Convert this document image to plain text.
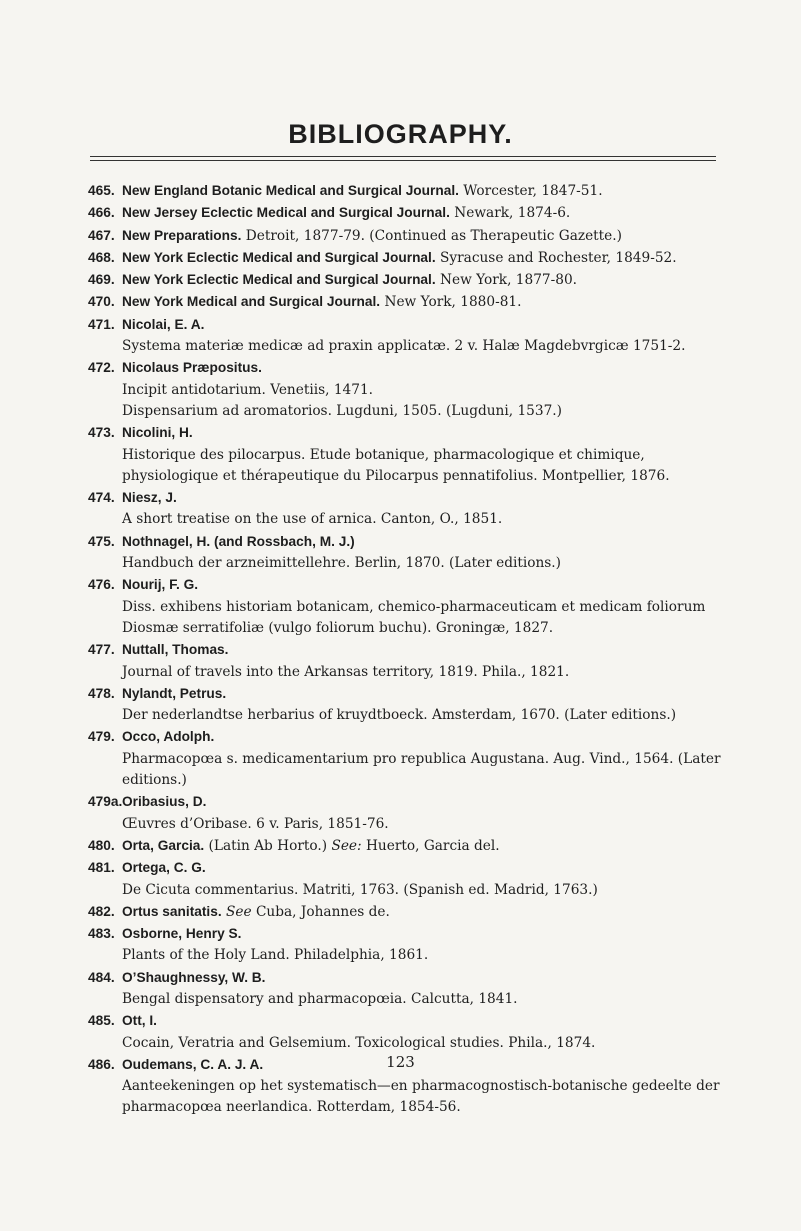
BIBLIOGRAPHY.
465. New England Botanic Medical and Surgical Journal. Worcester, 1847-51.
466. New Jersey Eclectic Medical and Surgical Journal. Newark, 1874-6.
467. New Preparations. Detroit, 1877-79. (Continued as Therapeutic Gazette.)
468. New York Eclectic Medical and Surgical Journal. Syracuse and Rochester, 1849-52.
469. New York Eclectic Medical and Surgical Journal. New York, 1877-80.
470. New York Medical and Surgical Journal. New York, 1880-81.
471. Nicolai, E. A.
Systema materiæ medicæ ad praxin applicatæ. 2 v. Halæ Magdebvrgicæ 1751-2.
472. Nicolaus Præpositus.
Incipit antidotarium. Venetiis, 1471.
Dispensarium ad aromatorios. Lugduni, 1505. (Lugduni, 1537.)
473. Nicolini, H.
Historique des pilocarpus. Etude botanique, pharmacologique et chimique, physiologique et thérapeutique du Pilocarpus pennatifolius. Montpellier, 1876.
474. Niesz, J.
A short treatise on the use of arnica. Canton, O., 1851.
475. Nothnagel, H. (and Rossbach, M. J.)
Handbuch der arzneimittellehre. Berlin, 1870. (Later editions.)
476. Nourij, F. G.
Diss. exhibens historiam botanicam, chemico-pharmaceuticam et medicam foliorum Diosmæ serratifoliæ (vulgo foliorum buchu). Groningæ, 1827.
477. Nuttall, Thomas.
Journal of travels into the Arkansas territory, 1819. Phila., 1821.
478. Nylandt, Petrus.
Der nederlandtse herbarius of kruydtboeck. Amsterdam, 1670. (Later editions.)
479. Occo, Adolph.
Pharmacopœa s. medicamentarium pro republica Augustana. Aug. Vind., 1564. (Later editions.)
479a. Oribasius, D.
Œuvres d’Oribase. 6 v. Paris, 1851-76.
480. Orta, Garcia. (Latin Ab Horto.) See: Huerto, Garcia del.
481. Ortega, C. G.
De Cicuta commentarius. Matriti, 1763. (Spanish ed. Madrid, 1763.)
482. Ortus sanitatis. See Cuba, Johannes de.
483. Osborne, Henry S.
Plants of the Holy Land. Philadelphia, 1861.
484. O’Shaughnessy, W. B.
Bengal dispensatory and pharmacopœia. Calcutta, 1841.
485. Ott, I.
Cocain, Veratria and Gelsemium. Toxicological studies. Phila., 1874.
486. Oudemans, C. A. J. A.
Aanteekeningen op het systematisch—en pharmacognostisch-botanische gedeelte der pharmacopœa neerlandica. Rotterdam, 1854-56.
123
